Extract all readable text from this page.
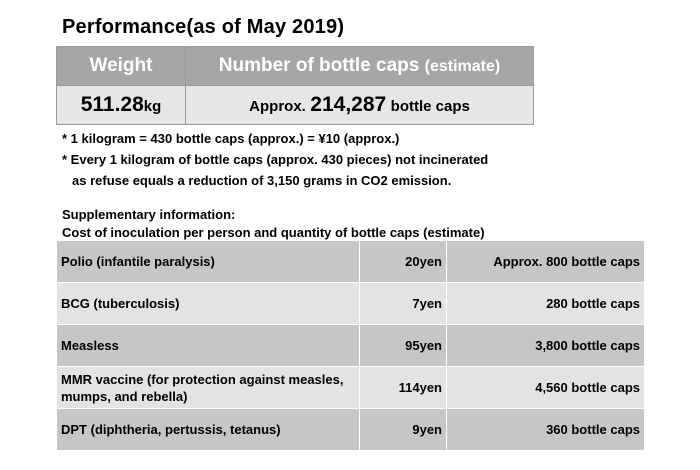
Performance(as of May 2019)
Weight	Number of bottle caps (estimate)
511.28kg	Approx. 214,287 bottle caps
* 1 kilogram = 430 bottle caps (approx.) = ¥10 (approx.)
* Every 1 kilogram of bottle caps (approx. 430 pieces) not incinerated
as refuse equals a reduction of 3,150 grams in CO2 emission.
Supplementary information:
Cost of inoculation per person and quantity of bottle caps (estimate)
Polio (infantile paralysis)	20yen	Approx. 800 bottle caps
BCG (tuberculosis)	7yen	280 bottle caps
Measless	95yen	3,800 bottle caps
MMR vaccine (for protection against measles, mumps, and rebella)	114yen	4,560 bottle caps
DPT (diphtheria, pertussis, tetanus)	9yen	360 bottle caps
